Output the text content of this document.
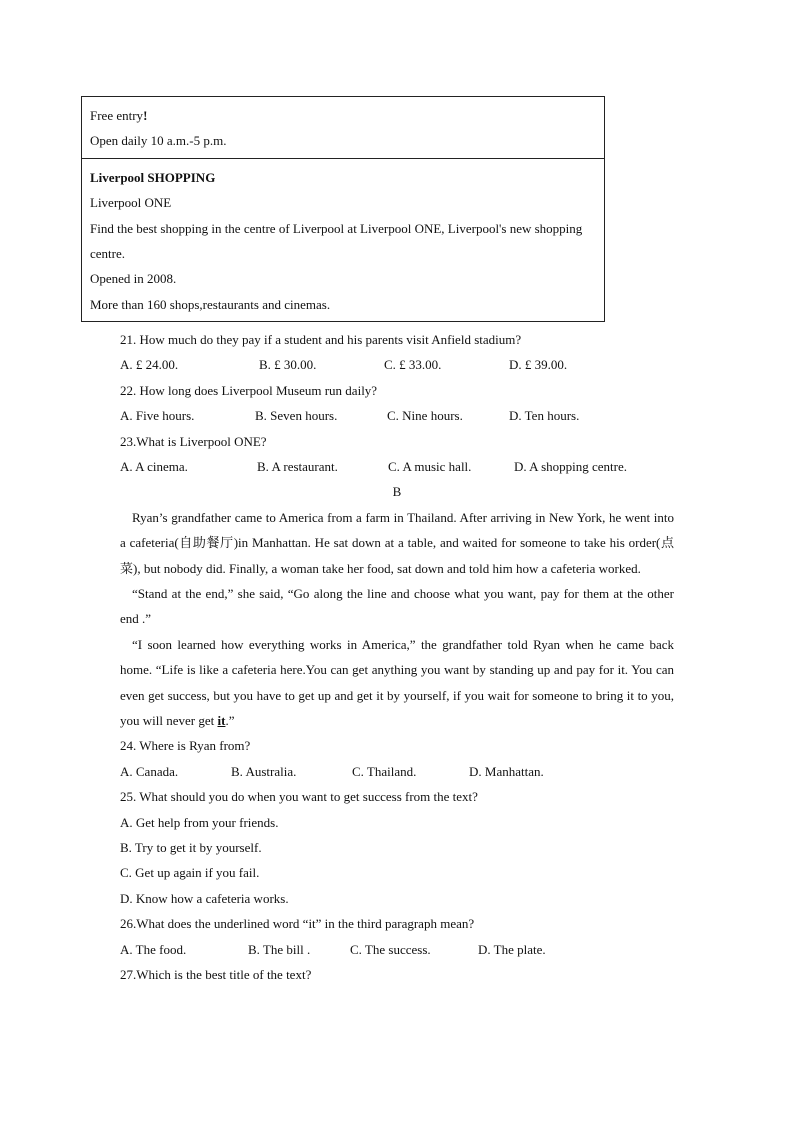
Free entry!
Open daily 10 a.m.-5 p.m.
Liverpool SHOPPING
Liverpool ONE
Find the best shopping in the centre of Liverpool at Liverpool ONE, Liverpool's new shopping centre.
Opened in 2008.
More than 160 shops,restaurants and cinemas.
21. How much do they pay if a student and his parents visit Anfield stadium?
A. £ 24.00.	B. £ 30.00.	C. £ 33.00.	D. £ 39.00.
22. How long does Liverpool Museum run daily?
A. Five hours.	B. Seven hours.	C. Nine hours.	D. Ten hours.
23.What is Liverpool ONE?
A. A cinema.	B. A restaurant.	C. A music hall.	D. A shopping centre.
B
Ryan’s grandfather came to America from a farm in Thailand. After arriving in New York, he went into a cafeteria(自助餐厅)in Manhattan. He sat down at a table, and waited for someone to take his order(点菜), but nobody did. Finally, a woman take her food, sat down and told him how a cafeteria worked.
“Stand at the end,” she said, “Go along the line and choose what you want, pay for them at the other end .”
“I soon learned how everything works in America,” the grandfather told Ryan when he came back home. “Life is like a cafeteria here.You can get anything you want by standing up and pay for it. You can even get success, but you have to get up and get it by yourself, if you wait for someone to bring it to you, you will never get it.”
24. Where is Ryan from?
A. Canada.	B. Australia.	C. Thailand.	D. Manhattan.
25. What should you do when you want to get success from the text?
A. Get help from your friends.
B. Try to get it by yourself.
C. Get up again if you fail.
D. Know how a cafeteria works.
26.What does the underlined word “it” in the third paragraph mean?
A. The food.	B. The bill .	C. The success.	D. The plate.
27.Which is the best title of the text?
